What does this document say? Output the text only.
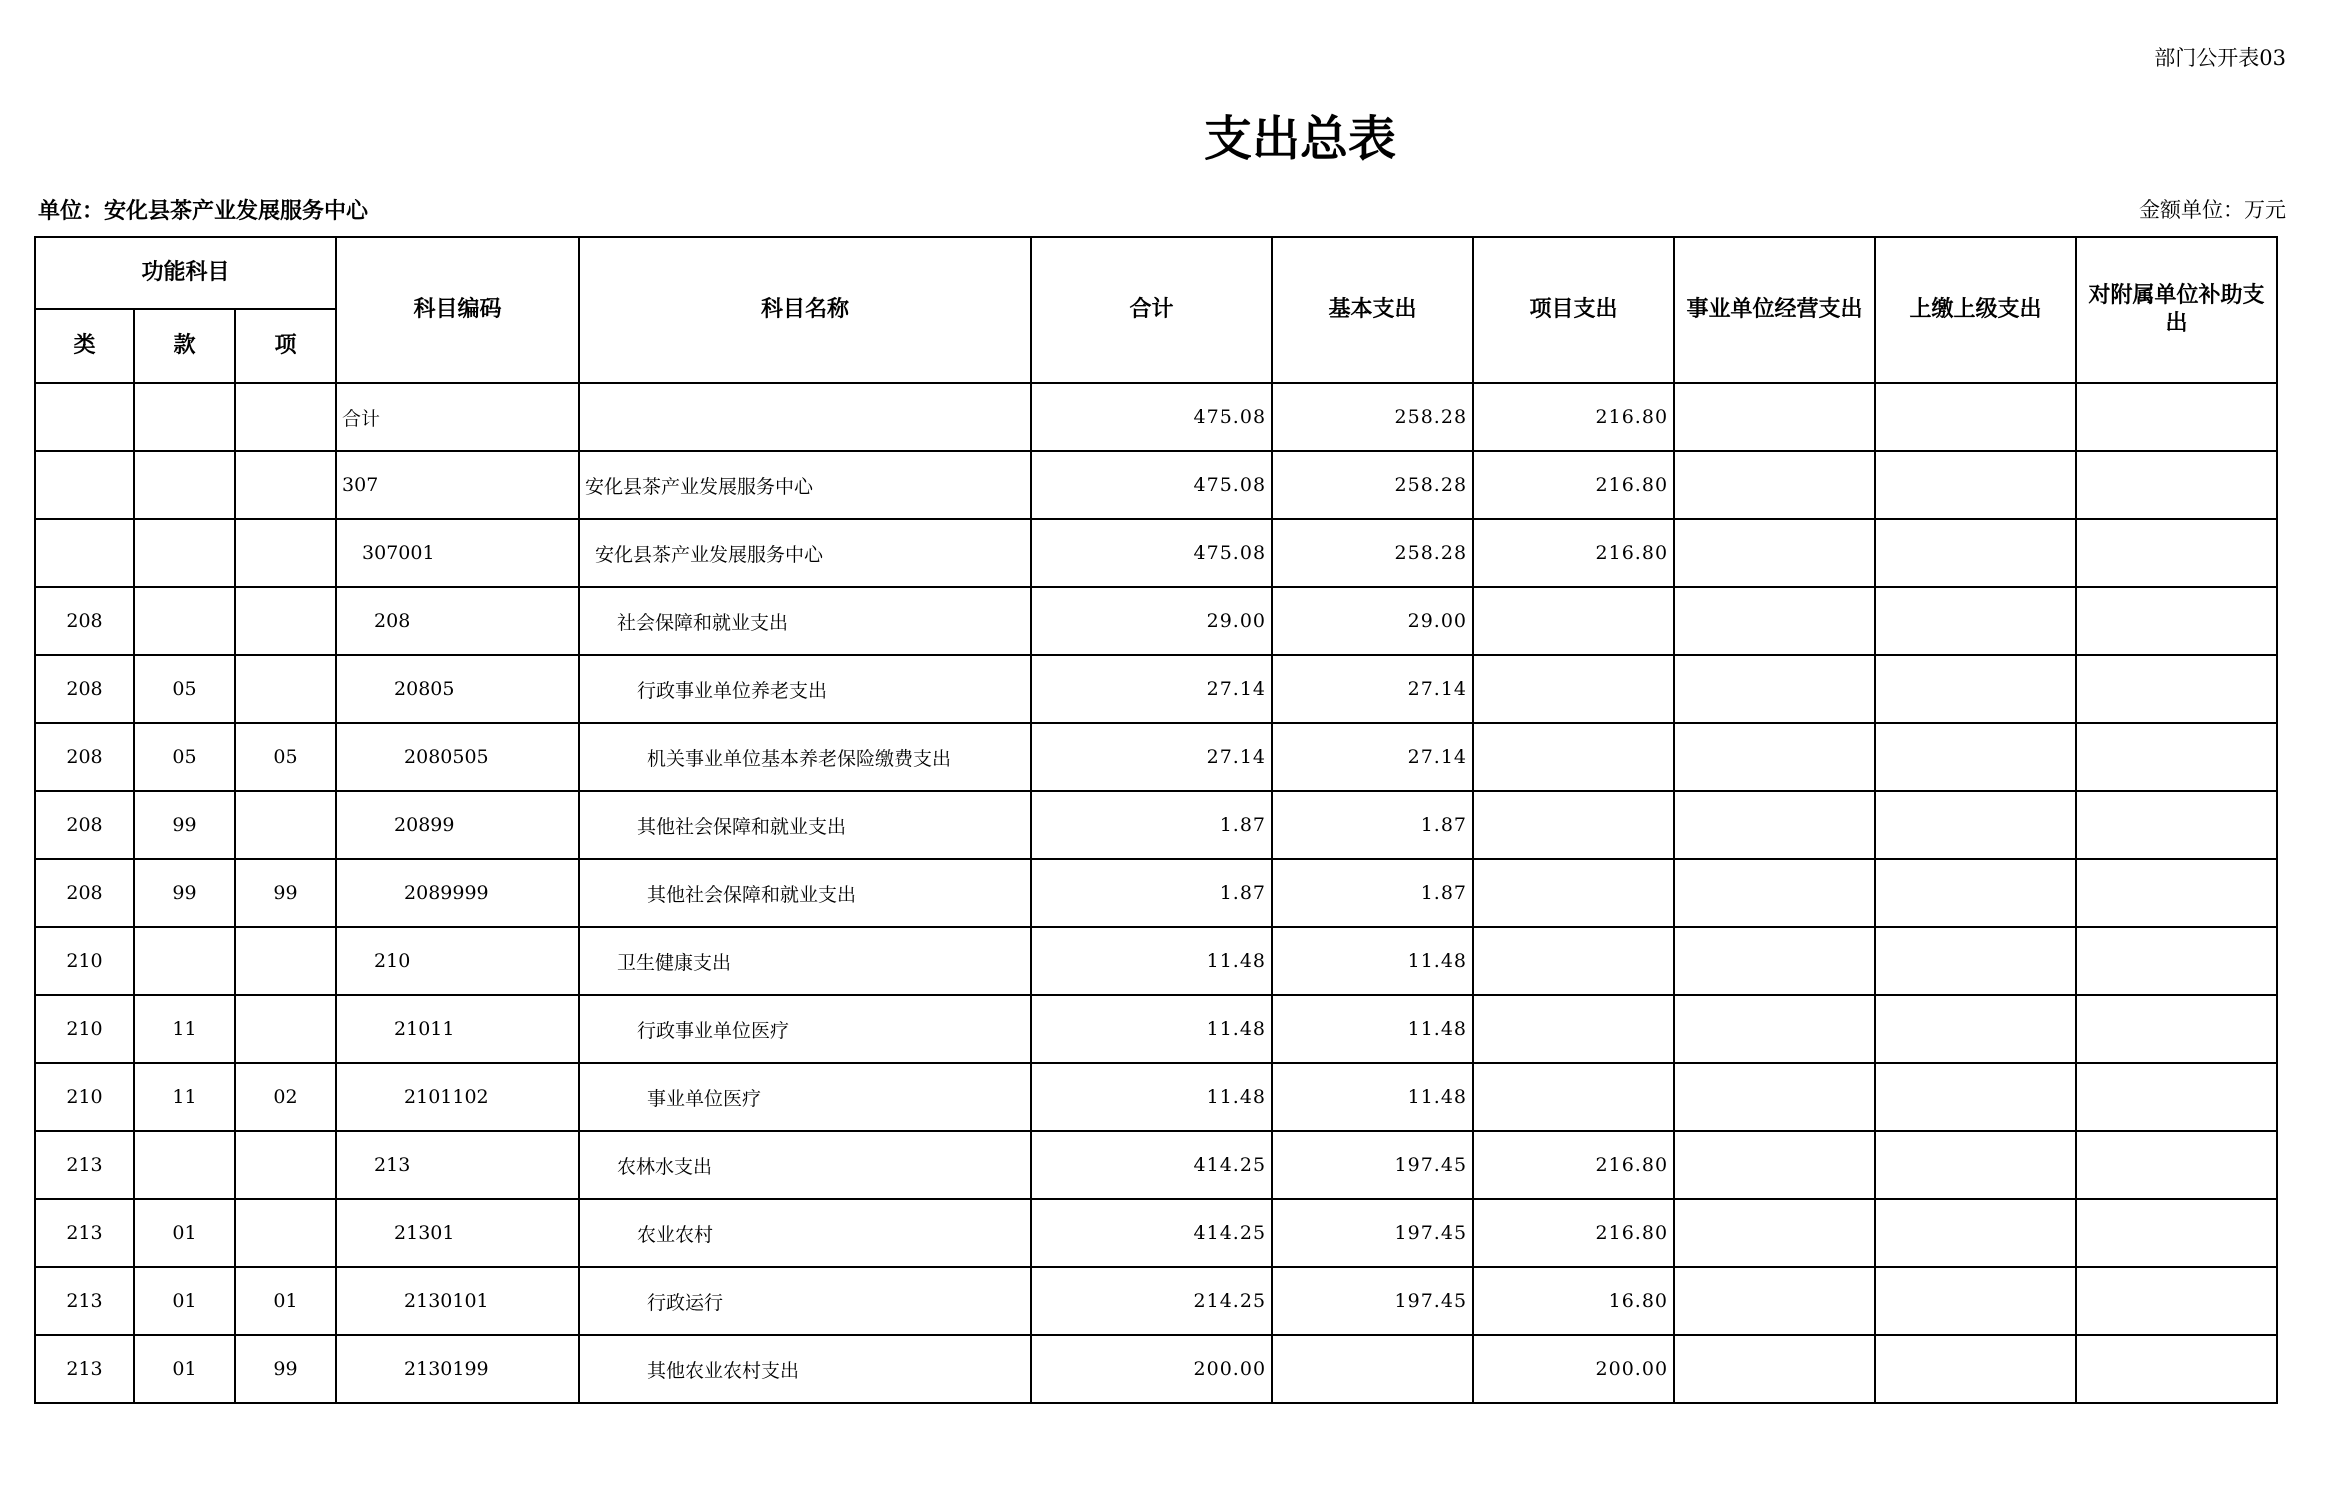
部门公开表03
支出总表
单位：安化县茶产业发展服务中心	金额单位：万元
功能科目			科目编码	科目名称	合计	基本支出	项目支出	事业单位经营支出	上缴上级支出	对附属单位补助支出
类	款	项								
			合计		475.08	258.28	216.80			
			307	安化县茶产业发展服务中心	475.08	258.28	216.80			
			307001	安化县茶产业发展服务中心	475.08	258.28	216.80			
208			208	社会保障和就业支出	29.00	29.00				
208	05		20805	行政事业单位养老支出	27.14	27.14				
208	05	05	2080505	机关事业单位基本养老保险缴费支出	27.14	27.14				
208	99		20899	其他社会保障和就业支出	1.87	1.87				
208	99	99	2089999	其他社会保障和就业支出	1.87	1.87				
210			210	卫生健康支出	11.48	11.48				
210	11		21011	行政事业单位医疗	11.48	11.48				
210	11	02	2101102	事业单位医疗	11.48	11.48				
213			213	农林水支出	414.25	197.45	216.80			
213	01		21301	农业农村	414.25	197.45	216.80			
213	01	01	2130101	行政运行	214.25	197.45	16.80			
213	01	99	2130199	其他农业农村支出	200.00		200.00			
